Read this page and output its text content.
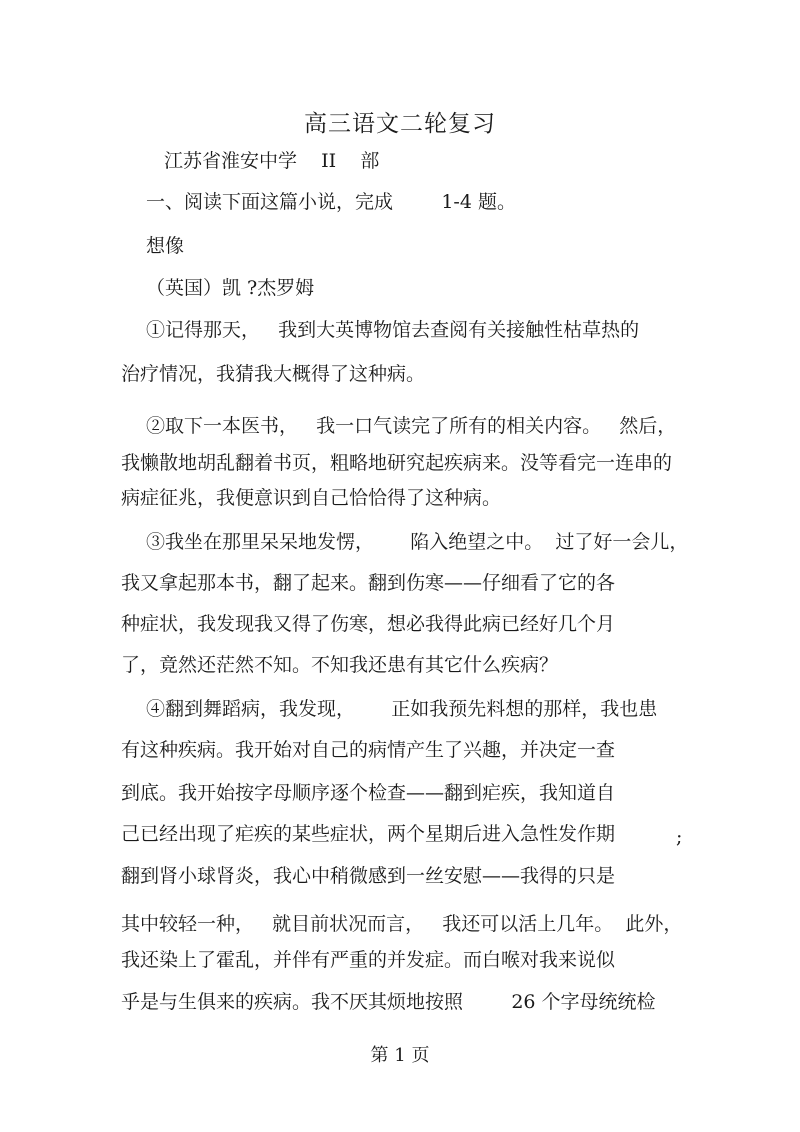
高三语文二轮复习

江苏省淮安中学    II    部

一、阅读下面这篇小说，完成        1-4 题。

想像

（英国）凯 ?杰罗姆

①记得那天，   我到大英博物馆去查阅有关接触性枯草热的

治疗情况，我猜我大概得了这种病。

②取下一本医书，   我一口气读完了所有的相关内容。   然后，

我懒散地胡乱翻着书页，粗略地研究起疾病来。没等看完一连串的

病症征兆，我便意识到自己恰恰得了这种病。

③我坐在那里呆呆地发愣，      陷入绝望之中。  过了好一会儿，

我又拿起那本书，翻了起来。翻到伤寒——仔细看了它的各

种症状，我发现我又得了伤寒，想必我得此病已经好几个月

了，竟然还茫然不知。不知我还患有其它什么疾病？

④翻到舞蹈病，我发现，      正如我预先料想的那样，我也患

有这种疾病。我开始对自己的病情产生了兴趣，并决定一查

到底。我开始按字母顺序逐个检查——翻到疟疾，我知道自

己已经出现了疟疾的某些症状，两个星期后进入急性发作期	;

翻到肾小球肾炎，我心中稍微感到一丝安慰——我得的只是

其中较轻一种，   就目前状况而言，   我还可以活上几年。  此外，

我还染上了霍乱，并伴有严重的并发症。而白喉对我来说似

乎是与生俱来的疾病。我不厌其烦地按照        26 个字母统统检

第 1 页
